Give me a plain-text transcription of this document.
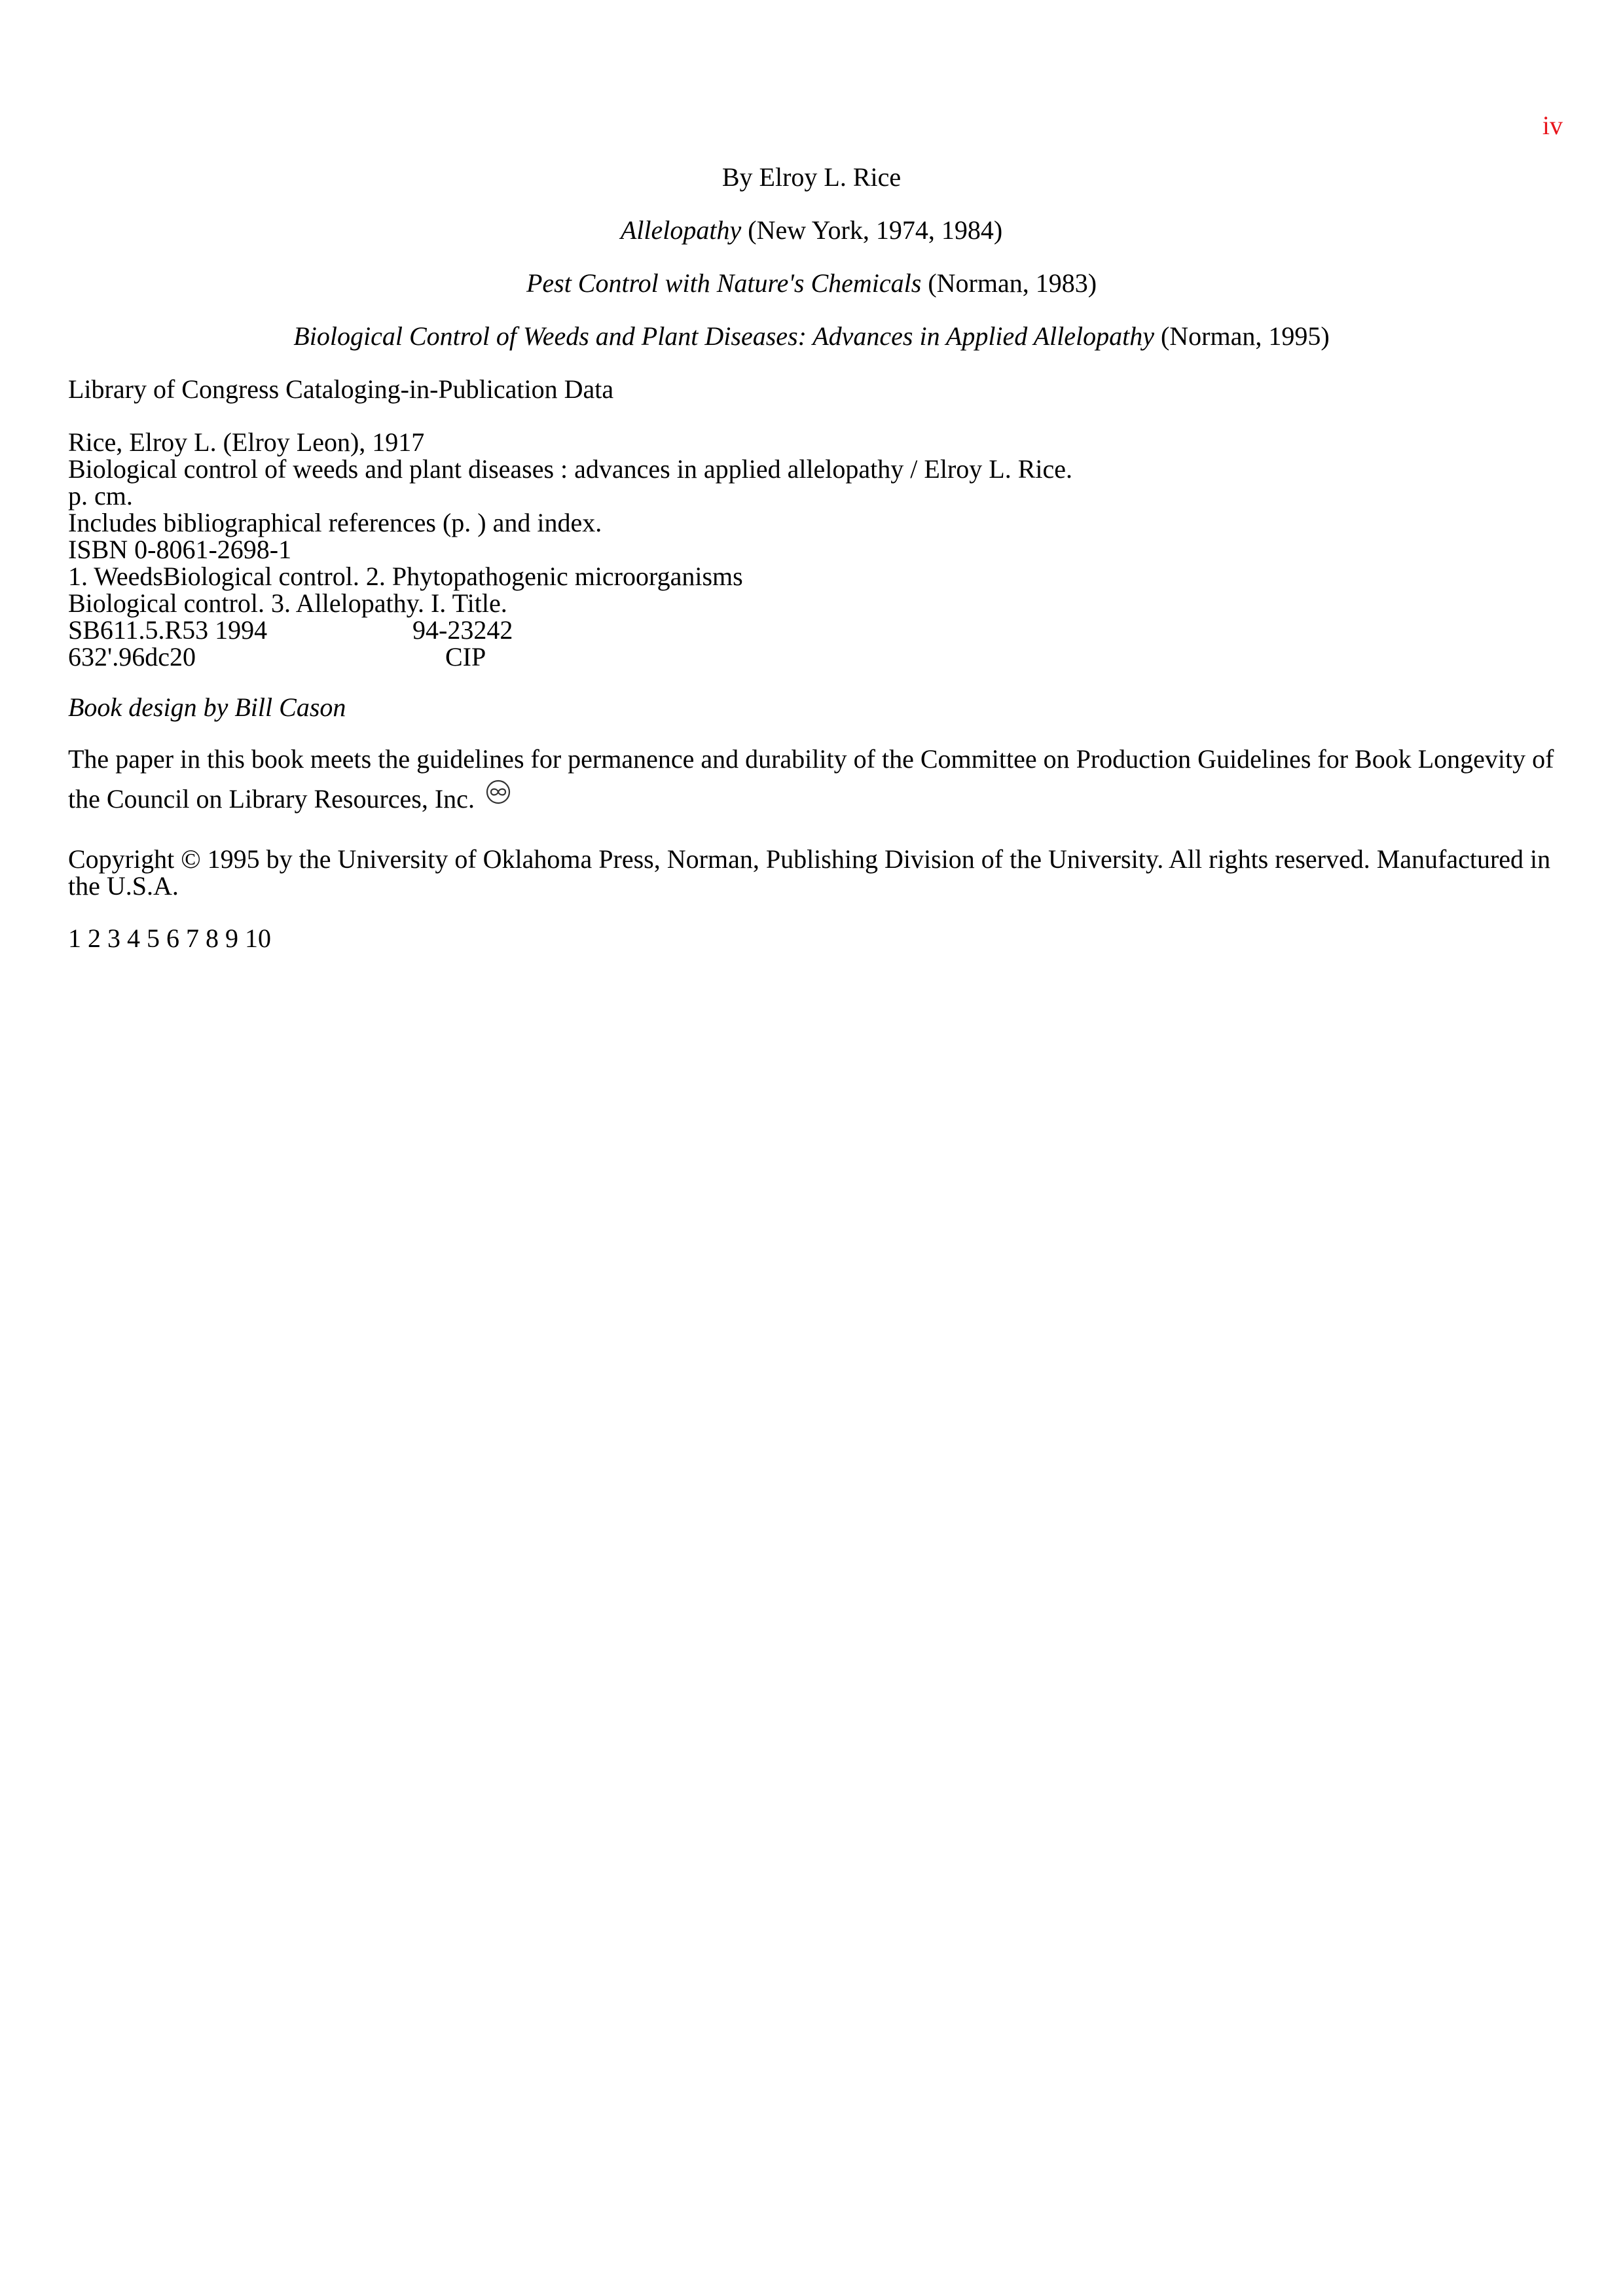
iv
By Elroy L. Rice
Allelopathy (New York, 1974, 1984)
Pest Control with Nature's Chemicals (Norman, 1983)
Biological Control of Weeds and Plant Diseases: Advances in Applied Allelopathy (Norman, 1995)
Library of Congress Cataloging-in-Publication Data
Rice, Elroy L. (Elroy Leon), 1917
Biological control of weeds and plant diseases : advances in applied allelopathy / Elroy L. Rice.
p. cm.
Includes bibliographical references (p. ) and index.
ISBN 0-8061-2698-1
1. WeedsBiological control. 2. Phytopathogenic microorganisms
Biological control. 3. Allelopathy. I. Title.
SB611.5.R53 1994	94-23242
632'.96dc20	CIP
Book design by Bill Cason
The paper in this book meets the guidelines for permanence and durability of the Committee on Production Guidelines for Book Longevity of the Council on Library Resources, Inc.
Copyright © 1995 by the University of Oklahoma Press, Norman, Publishing Division of the University. All rights reserved. Manufactured in the U.S.A.
1 2 3 4 5 6 7 8 9 10
